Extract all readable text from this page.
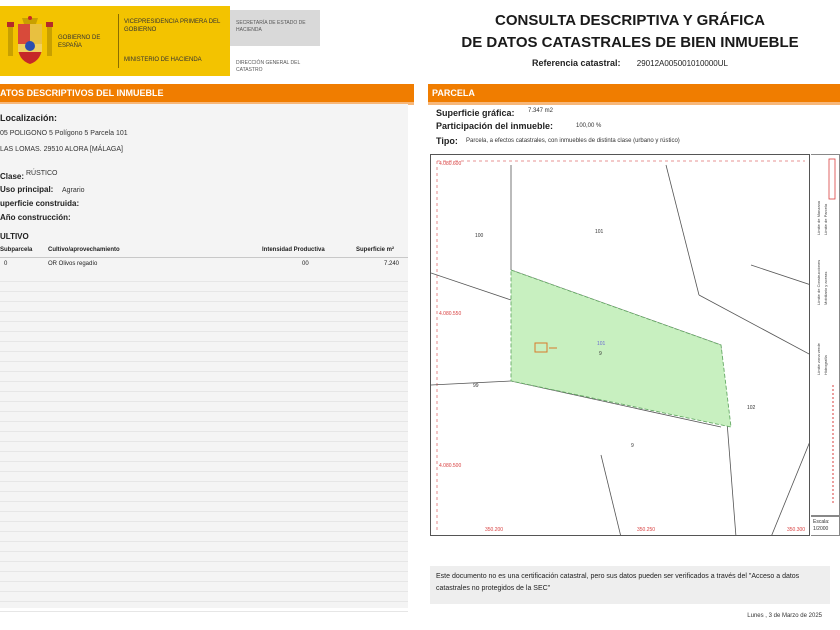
GOBIERNO DE ESPAÑA
VICEPRESIDENCIA PRIMERA DEL GOBIERNO
MINISTERIO DE HACIENDA
SECRETARÍA DE ESTADO DE HACIENDA
DIRECCIÓN GENERAL DEL CATASTRO
CONSULTA DESCRIPTIVA Y GRÁFICA
DE DATOS CATASTRALES DE BIEN INMUEBLE
Referencia catastral: 29012A005001010000UL
ATOS DESCRIPTIVOS DEL INMUEBLE	PARCELA
Localización:
05 POLIGONO 5 Polígono 5 Parcela 101
LAS LOMAS. 29510 ALORA [MÁLAGA]
Clase: RÚSTICO
Uso principal: Agrario
uperficie construida:
Año construcción:
ULTIVO
Subparcela	Cultivo/aprovechamiento	Intensidad Productiva	Superficie m²
0	OR Olivos regadío	00	7.240
Superficie gráfica: 7.347 m2
Participación del inmueble:	100,00 %
Tipo: Parcela, a efectos catastrales, con inmuebles de distinta clase (urbano y rústico)
4.080.600
4.080.550
4.080.500
350.200	350.250	350.300
100
101
99
102
9
101
9
Límite de Manzana Límite de Parcela
Límite de Construcciones Mobiliario y aceras
Límite zona verde Hidrografía
Escala:
1/2000
Este documento no es una certificación catastral, pero sus datos pueden ser verificados a través del "Acceso a datos catastrales no protegidos de la SEC"
Lunes , 3 de Marzo de 2025
